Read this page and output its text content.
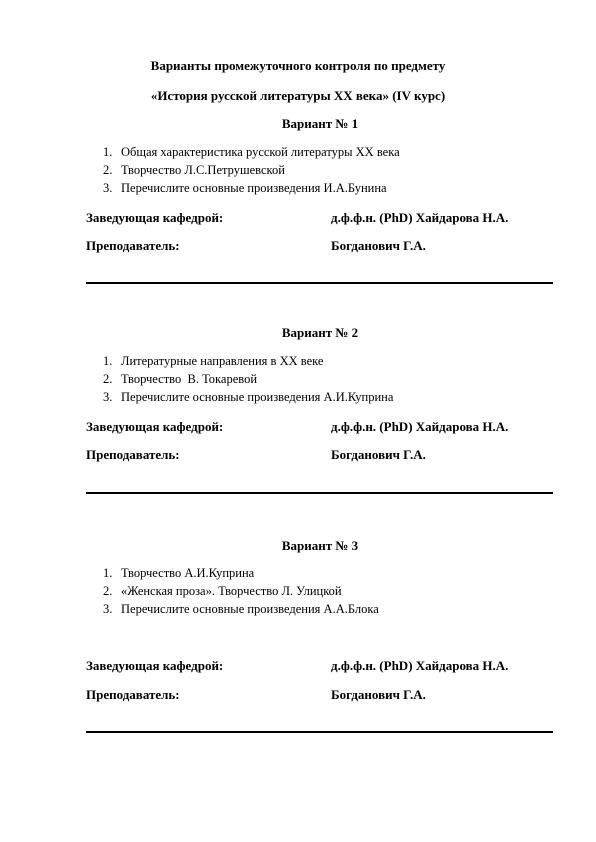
Варианты промежуточного контроля по предмету
«История русской литературы XX века» (IV курс)
Вариант № 1
1. Общая характеристика русской литературы XX века
2. Творчество Л.С.Петрушевской
3. Перечислите основные произведения И.А.Бунина
Заведующая кафедрой:	д.ф.ф.н. (PhD) Хайдарова Н.А.
Преподаватель:	Богданович Г.А.
Вариант № 2
1. Литературные направления в XX веке
2. Творчество  В. Токаревой
3. Перечислите основные произведения А.И.Куприна
Заведующая кафедрой:	д.ф.ф.н. (PhD) Хайдарова Н.А.
Преподаватель:	Богданович Г.А.
Вариант № 3
1. Творчество А.И.Куприна
2. «Женская проза». Творчество Л. Улицкой
3. Перечислите основные произведения А.А.Блока
Заведующая кафедрой:	д.ф.ф.н. (PhD) Хайдарова Н.А.
Преподаватель:	Богданович Г.А.
